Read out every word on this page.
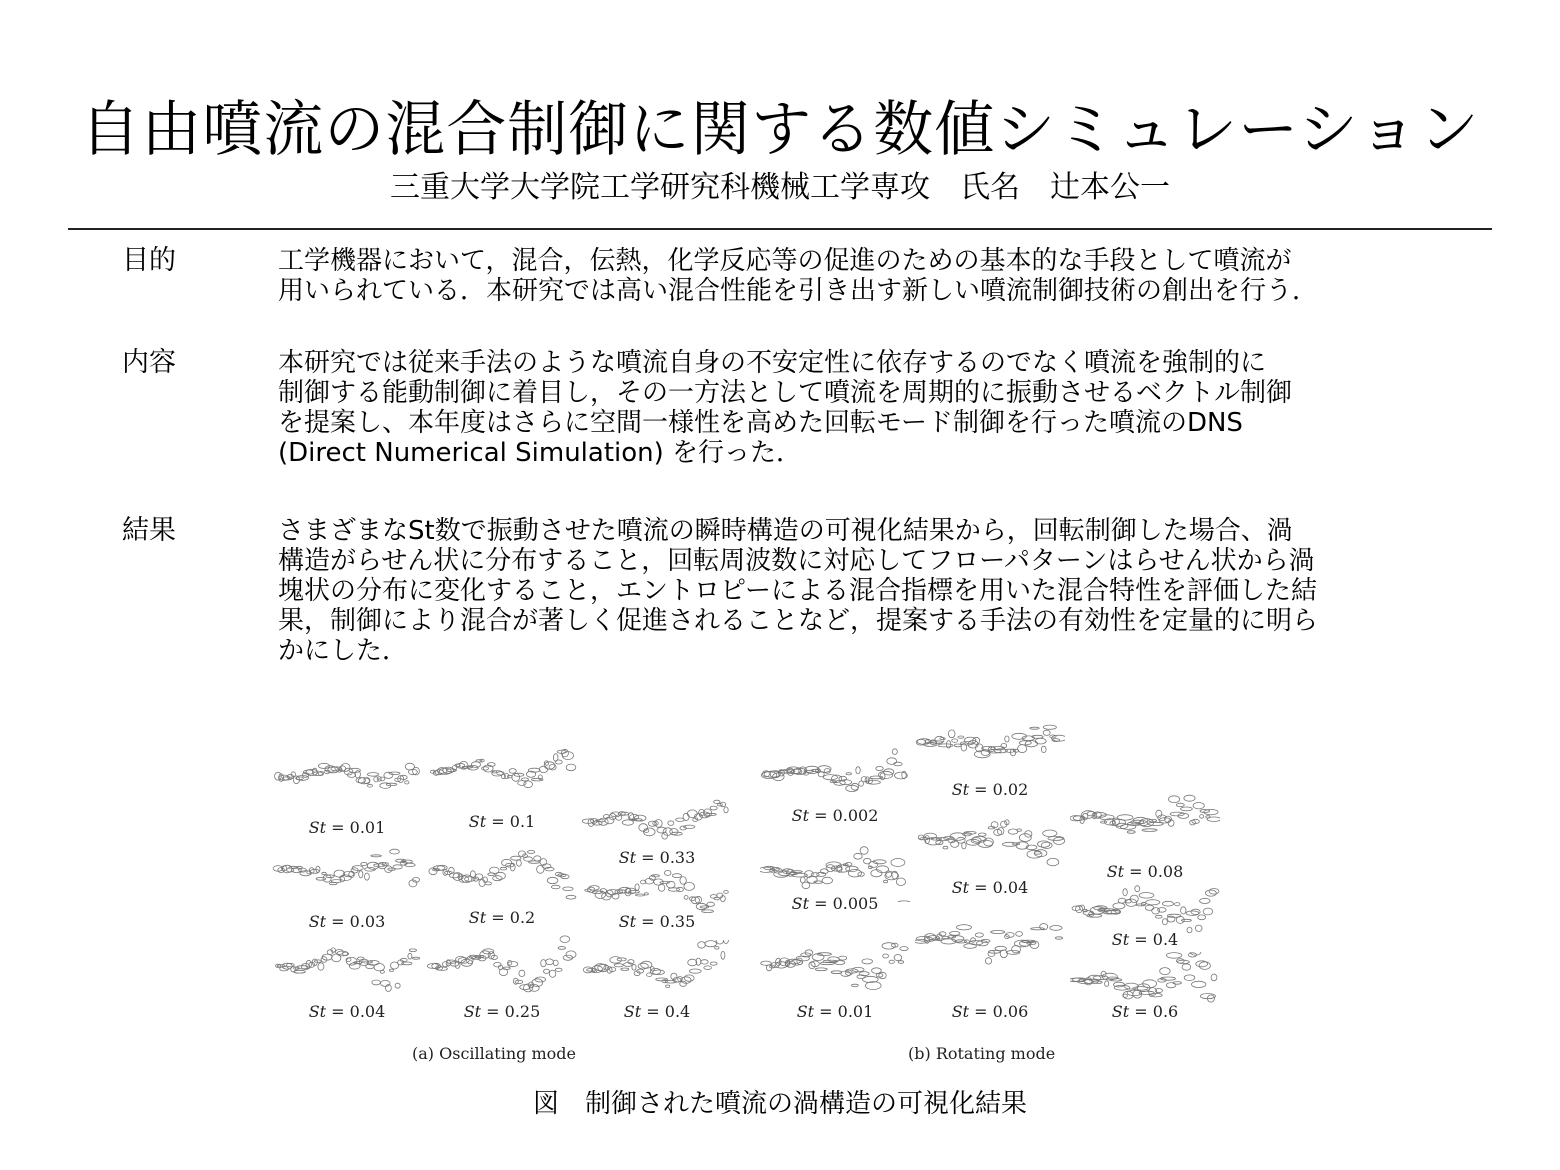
自由噴流の混合制御に関する数値シミュレーション
三重大学大学院工学研究科機械工学専攻　氏名　辻本公一
目的	工学機器において，混合，伝熱，化学反応等の促進のための基本的な手段として噴流が
用いられている．本研究では高い混合性能を引き出す新しい噴流制御技術の創出を行う．
内容	本研究では従来手法のような噴流自身の不安定性に依存するのでなく噴流を強制的に
制御する能動制御に着目し，その一方法として噴流を周期的に振動させるベクトル制御
を提案し、本年度はさらに空間一様性を高めた回転モード制御を行った噴流のDNS
(Direct Numerical Simulation) を行った．
結果	さまざまなSt数で振動させた噴流の瞬時構造の可視化結果から，回転制御した場合、渦
構造がらせん状に分布すること，回転周波数に対応してフローパターンはらせん状から渦
塊状の分布に変化すること，エントロピーによる混合指標を用いた混合特性を評価した結
果，制御により混合が著しく促進されることなど，提案する手法の有効性を定量的に明ら
かにした．
St = 0.01	St = 0.1
St = 0.33
St = 0.03	St = 0.2	St = 0.35
St = 0.04	St = 0.25	St = 0.4
St = 0.002
St = 0.02
St = 0.08
St = 0.005
St = 0.04
St = 0.4
St = 0.01	St = 0.06	St = 0.6
(a) Oscillating mode	(b) Rotating mode
図　制御された噴流の渦構造の可視化結果
